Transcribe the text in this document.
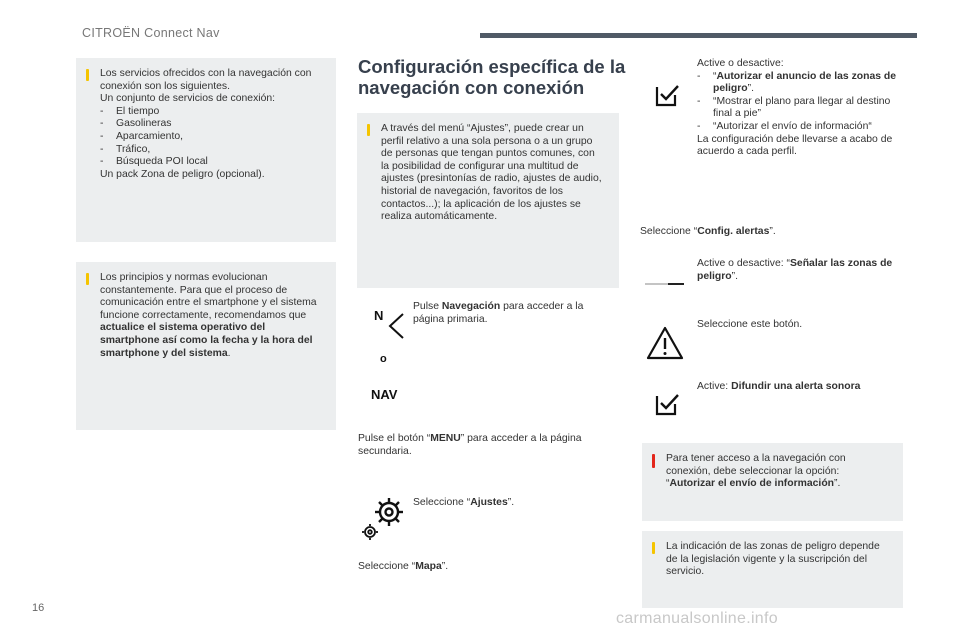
CITROËN Connect Nav
Los servicios ofrecidos con la navegación con conexión son los siguientes.
Un conjunto de servicios de conexión:
-	El tiempo
-	Gasolineras
-	Aparcamiento,
-	Tráfico,
-	Búsqueda POI local
Un pack Zona de peligro (opcional).
Los principios y normas evolucionan constantemente. Para que el proceso de comunicación entre el smartphone y el sistema funcione correctamente, recomendamos que actualice el sistema operativo del smartphone así como la fecha y la hora del smartphone y del sistema.
Configuración específica de la navegación con conexión
A través del menú “Ajustes”, puede crear un perfil relativo a una sola persona o a un grupo de personas que tengan puntos comunes, con la posibilidad de configurar una multitud de ajustes (presintonías de radio, ajustes de audio, historial de navegación, favoritos de los contactos...); la aplicación de los ajustes se realiza automáticamente.
N
o
NAV
Pulse Navegación para acceder a la página primaria.
Pulse el botón “MENU” para acceder a la página secundaria.
Seleccione “Ajustes”.
Seleccione “Mapa”.
Active o desactive:
-	“Autorizar el anuncio de las zonas de peligro”.
-	“Mostrar el plano para llegar al destino final a pie”
-	“Autorizar el envío de información“
La configuración debe llevarse a acabo de acuerdo a cada perfil.
Seleccione “Config. alertas”.
Active o desactive: “Señalar las zonas de peligro”.
Seleccione este botón.
Active: Difundir una alerta sonora
Para tener acceso a la navegación con conexión, debe seleccionar la opción: “Autorizar el envío de información”.
La indicación de las zonas de peligro depende de la legislación vigente y la suscripción del servicio.
16
carmanualsonline.info
